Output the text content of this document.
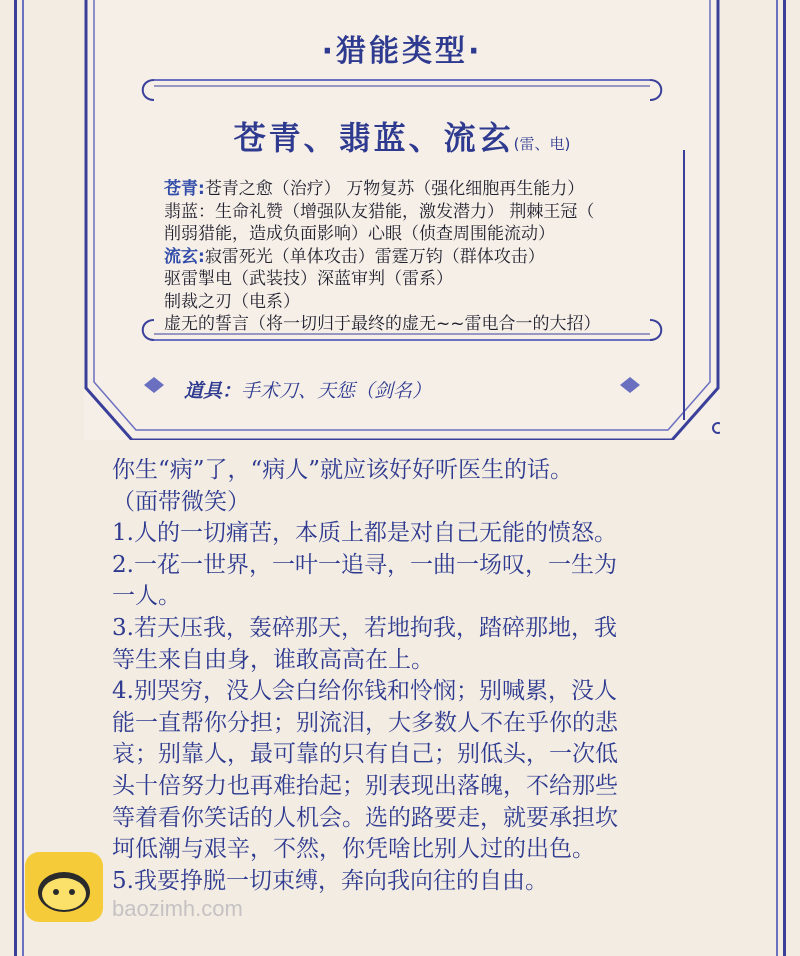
·猎能类型·
苍青、翡蓝、流玄(雷、电)
苍青:苍青之愈（治疗） 万物复苏（强化细胞再生能力）
翡蓝：生命礼赞（增强队友猎能，激发潜力） 荆棘王冠（
削弱猎能，造成负面影响）心眼（侦查周围能流动）
流玄:寂雷死光（单体攻击）雷霆万钧（群体攻击）
驱雷掣电（武装技）深蓝审判（雷系）
制裁之刃（电系）
虚无的誓言（将一切归于最终的虚无~~雷电合一的大招）
道具：手术刀、天惩（剑名）
你生“病”了，“病人”就应该好好听医生的话。
（面带微笑）
1.人的一切痛苦，本质上都是对自己无能的愤怒。
2.一花一世界，一叶一追寻，一曲一场叹，一生为
一人。
3.若天压我，轰碎那天，若地拘我，踏碎那地，我
等生来自由身，谁敢高高在上。
4.别哭穷，没人会白给你钱和怜悯；别喊累，没人
能一直帮你分担；别流泪，大多数人不在乎你的悲
哀；别靠人，最可靠的只有自己；别低头，一次低
头十倍努力也再难抬起；别表现出落魄，不给那些
等着看你笑话的人机会。选的路要走，就要承担坎
坷低潮与艰辛，不然，你凭啥比别人过的出色。
5.我要挣脱一切束缚，奔向我向往的自由。
baozimh.com
